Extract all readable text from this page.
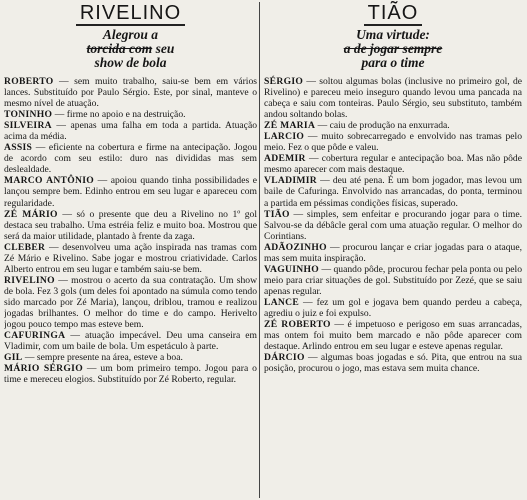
RIVELINO
Alegrou a
torcida com seu
show de bola
ROBERTO — sem muito trabalho, saiu-se bem em vários lances. Substituído por Paulo Sérgio. Este, por sinal, manteve o mesmo nível de atuação.
TONINHO — firme no apoio e na destruição.
SILVEIRA — apenas uma falha em toda a partida. Atuação acima da média.
ASSIS — eficiente na cobertura e firme na antecipação. Jogou de acordo com seu estilo: duro nas divididas mas sem deslealdade.
MARCO ANTÔNIO — apoiou quando tinha possibilidades e lançou sempre bem. Edinho entrou em seu lugar e apareceu com regularidade.
ZÉ MÁRIO — só o presente que deu a Rivelino no 1º gol destaca seu trabalho. Uma estréia feliz e muito boa. Mostrou que será da maior utilidade, plantado à frente da zaga.
CLEBER — desenvolveu uma ação inspirada nas tramas com Zé Mário e Rivelino. Sabe jogar e mostrou criatividade. Carlos Alberto entrou em seu lugar e também saiu-se bem.
RIVELINO — mostrou o acerto da sua contratação. Um show de bola. Fez 3 gols (um deles foi apontado na súmula como tendo sido marcado por Zé Maria), lançou, driblou, tramou e realizou jogadas brilhantes. O melhor do time e do campo. Herivelto jogou pouco tempo mas esteve bem.
CAFURINGA — atuação impecável. Deu uma canseira em Vladimir, com um baile de bola. Um espetáculo à parte.
GIL — sempre presente na área, esteve a boa.
MÁRIO SÉRGIO — um bom primeiro tempo. Jogou para o time e mereceu elogios. Substituído por Zé Roberto, regular.
TIÃO
Uma virtude:
a de jogar sempre
para o time
SÉRGIO — soltou algumas bolas (inclusive no primeiro gol, de Rivelino) e pareceu meio inseguro quando levou uma pancada na cabeça e saiu com tonteiras. Paulo Sérgio, seu substituto, também andou soltando bolas.
ZÉ MARIA — caiu de produção na enxurrada.
LARCIO — muito sobrecarregado e envolvido nas tramas pelo meio. Fez o que pôde e valeu.
ADEMIR — cobertura regular e antecipação boa. Mas não pôde mesmo aparecer com mais destaque.
VLADIMIR — deu até pena. É um bom jogador, mas levou um baile de Cafuringa. Envolvido nas arrancadas, do ponta, terminou a partida em péssimas condições físicas, superado.
TIÃO — simples, sem enfeitar e procurando jogar para o time. Salvou-se da débâcle geral com uma atuação regular. O melhor do Corintians.
ADÃOZINHO — procurou lançar e criar jogadas para o ataque, mas sem muita inspiração.
VAGUINHO — quando pôde, procurou fechar pela ponta ou pelo meio para criar situações de gol. Substituído por Zezé, que se saiu apenas regular.
LANCE — fez um gol e jogava bem quando perdeu a cabeça, agrediu o juiz e foi expulso.
ZÉ ROBERTO — é impetuoso e perigoso em suas arrancadas, mas ontem foi muito bem marcado e não pôde aparecer com destaque. Arlindo entrou em seu lugar e esteve apenas regular.
DÁRCIO — algumas boas jogadas e só. Pita, que entrou na sua posição, procurou o jogo, mas estava sem muita chance.
